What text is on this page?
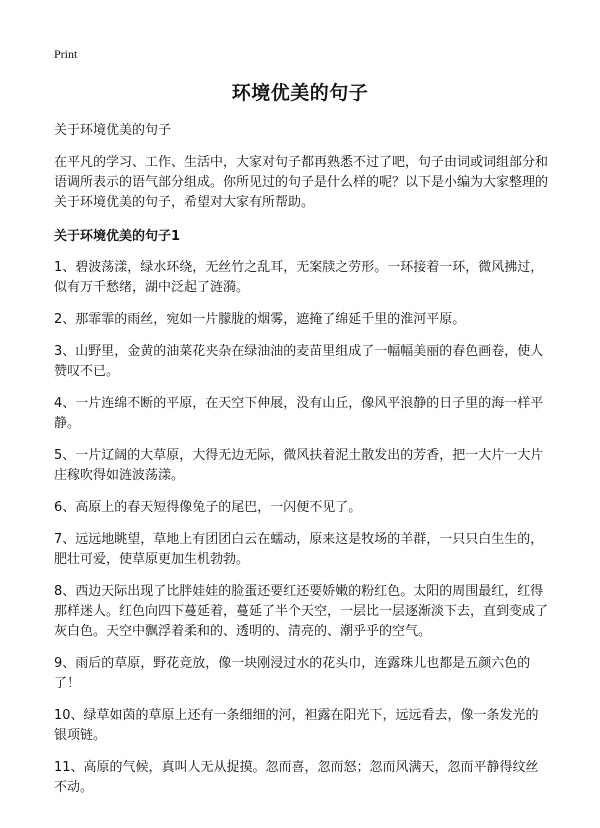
Print
环境优美的句子

关于环境优美的句子

在平凡的学习、工作、生活中，大家对句子都再熟悉不过了吧，句子由词或词组部分和语调所表示的语气部分组成。你所见过的句子是什么样的呢？以下是小编为大家整理的关于环境优美的句子，希望对大家有所帮助。

关于环境优美的句子1

1、碧波荡漾，绿水环绕，无丝竹之乱耳，无案牍之劳形。一环接着一环，微风拂过，似有万千愁绪，湖中泛起了涟漪。

2、那霏霏的雨丝，宛如一片朦胧的烟雾，遮掩了绵延千里的淮河平原。

3、山野里，金黄的油菜花夹杂在绿油油的麦苗里组成了一幅幅美丽的春色画卷，使人赞叹不已。

4、一片连绵不断的平原，在天空下伸展，没有山丘，像风平浪静的日子里的海一样平静。

5、一片辽阔的大草原，大得无边无际，微风扶着泥土散发出的芳香，把一大片一大片庄稼吹得如涟波荡漾。

6、高原上的春天短得像兔子的尾巴，一闪便不见了。

7、远远地眺望，草地上有团团白云在蠕动，原来这是牧场的羊群，一只只白生生的，肥壮可爱，使草原更加生机勃勃。

8、西边天际出现了比胖娃娃的脸蛋还要红还要娇嫩的粉红色。太阳的周围最红，红得那样迷人。红色向四下蔓延着，蔓延了半个天空，一层比一层逐渐淡下去，直到变成了灰白色。天空中飘浮着柔和的、透明的、清亮的、潮乎乎的空气。

9、雨后的草原，野花竞放，像一块刚浸过水的花头巾，连露珠儿也都是五颜六色的了！

10、绿草如茵的草原上还有一条细细的河，袒露在阳光下，远远看去，像一条发光的银项链。

11、高原的气候，真叫人无从捉摸。忽而喜，忽而怒；忽而风满天，忽而平静得纹丝不动。
